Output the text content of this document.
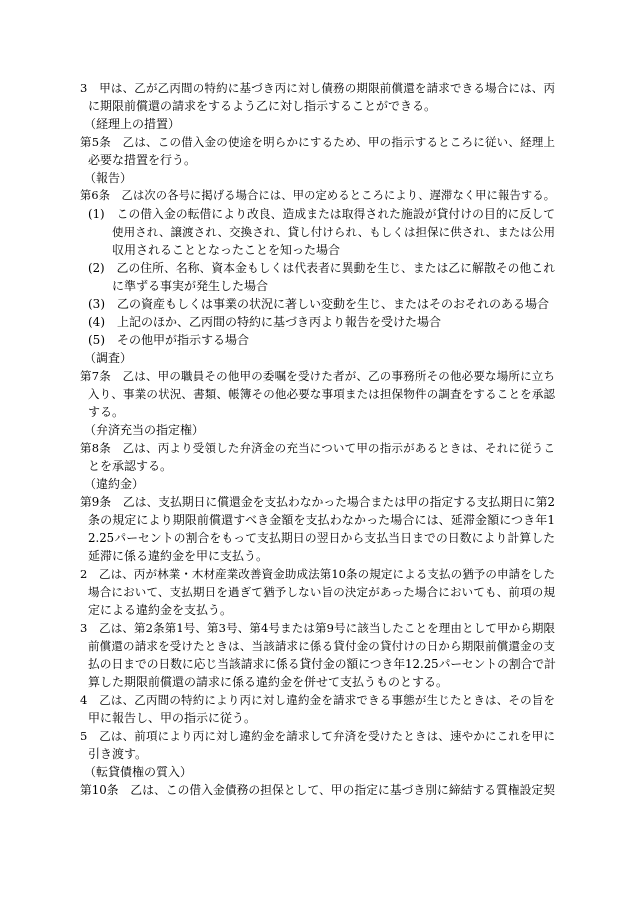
3　甲は、乙が乙丙間の特約に基づき丙に対し債務の期限前償還を請求できる場合には、丙
に期限前償還の請求をするよう乙に対し指示することができる。
（経理上の措置）
第5条　乙は、この借入金の使途を明らかにするため、甲の指示するところに従い、経理上
必要な措置を行う。
（報告）
第6条　乙は次の各号に掲げる場合には、甲の定めるところにより、遅滞なく甲に報告する。
(1)　この借入金の転借により改良、造成または取得された施設が貸付けの目的に反して
使用され、譲渡され、交換され、貸し付けられ、もしくは担保に供され、または公用
収用されることとなったことを知った場合
(2)　乙の住所、名称、資本金もしくは代表者に異動を生じ、または乙に解散その他これ
に準ずる事実が発生した場合
(3)　乙の資産もしくは事業の状況に著しい変動を生じ、またはそのおそれのある場合
(4)　上記のほか、乙丙間の特約に基づき丙より報告を受けた場合
(5)　その他甲が指示する場合
（調査）
第7条　乙は、甲の職員その他甲の委嘱を受けた者が、乙の事務所その他必要な場所に立ち
入り、事業の状況、書類、帳簿その他必要な事項または担保物件の調査をすることを承認
する。
（弁済充当の指定権）
第8条　乙は、丙より受領した弁済金の充当について甲の指示があるときは、それに従うこ
とを承認する。
（違約金）
第9条　乙は、支払期日に償還金を支払わなかった場合または甲の指定する支払期日に第2
条の規定により期限前償還すべき金額を支払わなかった場合には、延滞金額につき年1
2.25パーセントの割合をもって支払期日の翌日から支払当日までの日数により計算した
延滞に係る違約金を甲に支払う。
2　乙は、丙が林業・木材産業改善資金助成法第10条の規定による支払の猶予の申請をした
場合において、支払期日を過ぎて猶予しない旨の決定があった場合においても、前項の規
定による違約金を支払う。
3　乙は、第2条第1号、第3号、第4号または第9号に該当したことを理由として甲から期限
前償還の請求を受けたときは、当該請求に係る貸付金の貸付けの日から期限前償還金の支
払の日までの日数に応じ当該請求に係る貸付金の額につき年12.25パーセントの割合で計
算した期限前償還の請求に係る違約金を併せて支払うものとする。
4　乙は、乙丙間の特約により丙に対し違約金を請求できる事態が生じたときは、その旨を
甲に報告し、甲の指示に従う。
5　乙は、前項により丙に対し違約金を請求して弁済を受けたときは、速やかにこれを甲に
引き渡す。
（転貸債権の質入）
第10条　乙は、この借入金債務の担保として、甲の指定に基づき別に締結する質権設定契
